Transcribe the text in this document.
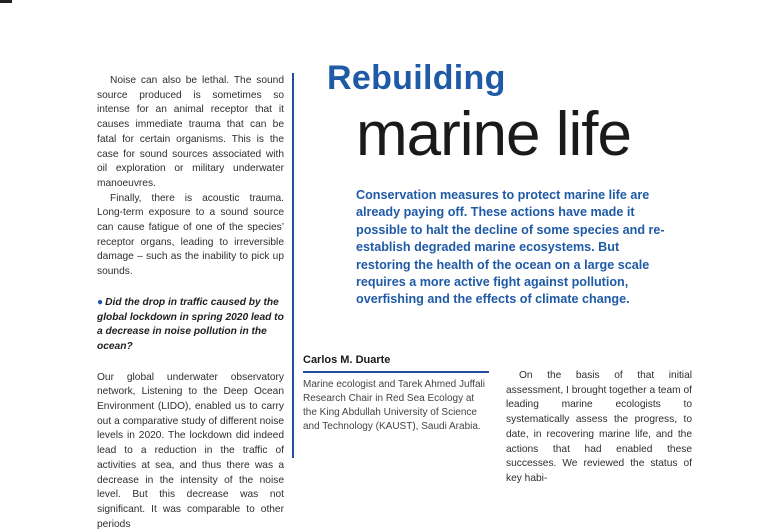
Noise can also be lethal. The sound source produced is sometimes so intense for an animal receptor that it causes immediate trauma that can be fatal for certain organisms. This is the case for sound sources associated with oil exploration or military underwater manoeuvres.

Finally, there is acoustic trauma. Long-term exposure to a sound source can cause fatigue of one of the species’ receptor organs, leading to irreversible damage – such as the inability to pick up sounds.

● Did the drop in traffic caused by the global lockdown in spring 2020 lead to a decrease in noise pollution in the ocean?

Our global underwater observatory network, Listening to the Deep Ocean Environment (LIDO), enabled us to carry out a comparative study of different noise levels in 2020. The lockdown did indeed lead to a reduction in the traffic of activities at sea, and thus there was a decrease in the intensity of the noise level. But this decrease was not significant. It was comparable to other periods

Rebuilding
marine life
Conservation measures to protect marine life are already paying off. These actions have made it possible to halt the decline of some species and re-establish degraded marine ecosystems. But restoring the health of the ocean on a large scale requires a more active fight against pollution, overfishing and the effects of climate change.
Carlos M. Duarte
Marine ecologist and Tarek Ahmed Juffali Research Chair in Red Sea Ecology at the King Abdullah University of Science and Technology (KAUST), Saudi Arabia.

On the basis of that initial assessment, I brought together a team of leading marine ecologists to systematically assess the progress, to date, in recovering marine life, and the actions that had enabled these successes. We reviewed the status of key habi-
